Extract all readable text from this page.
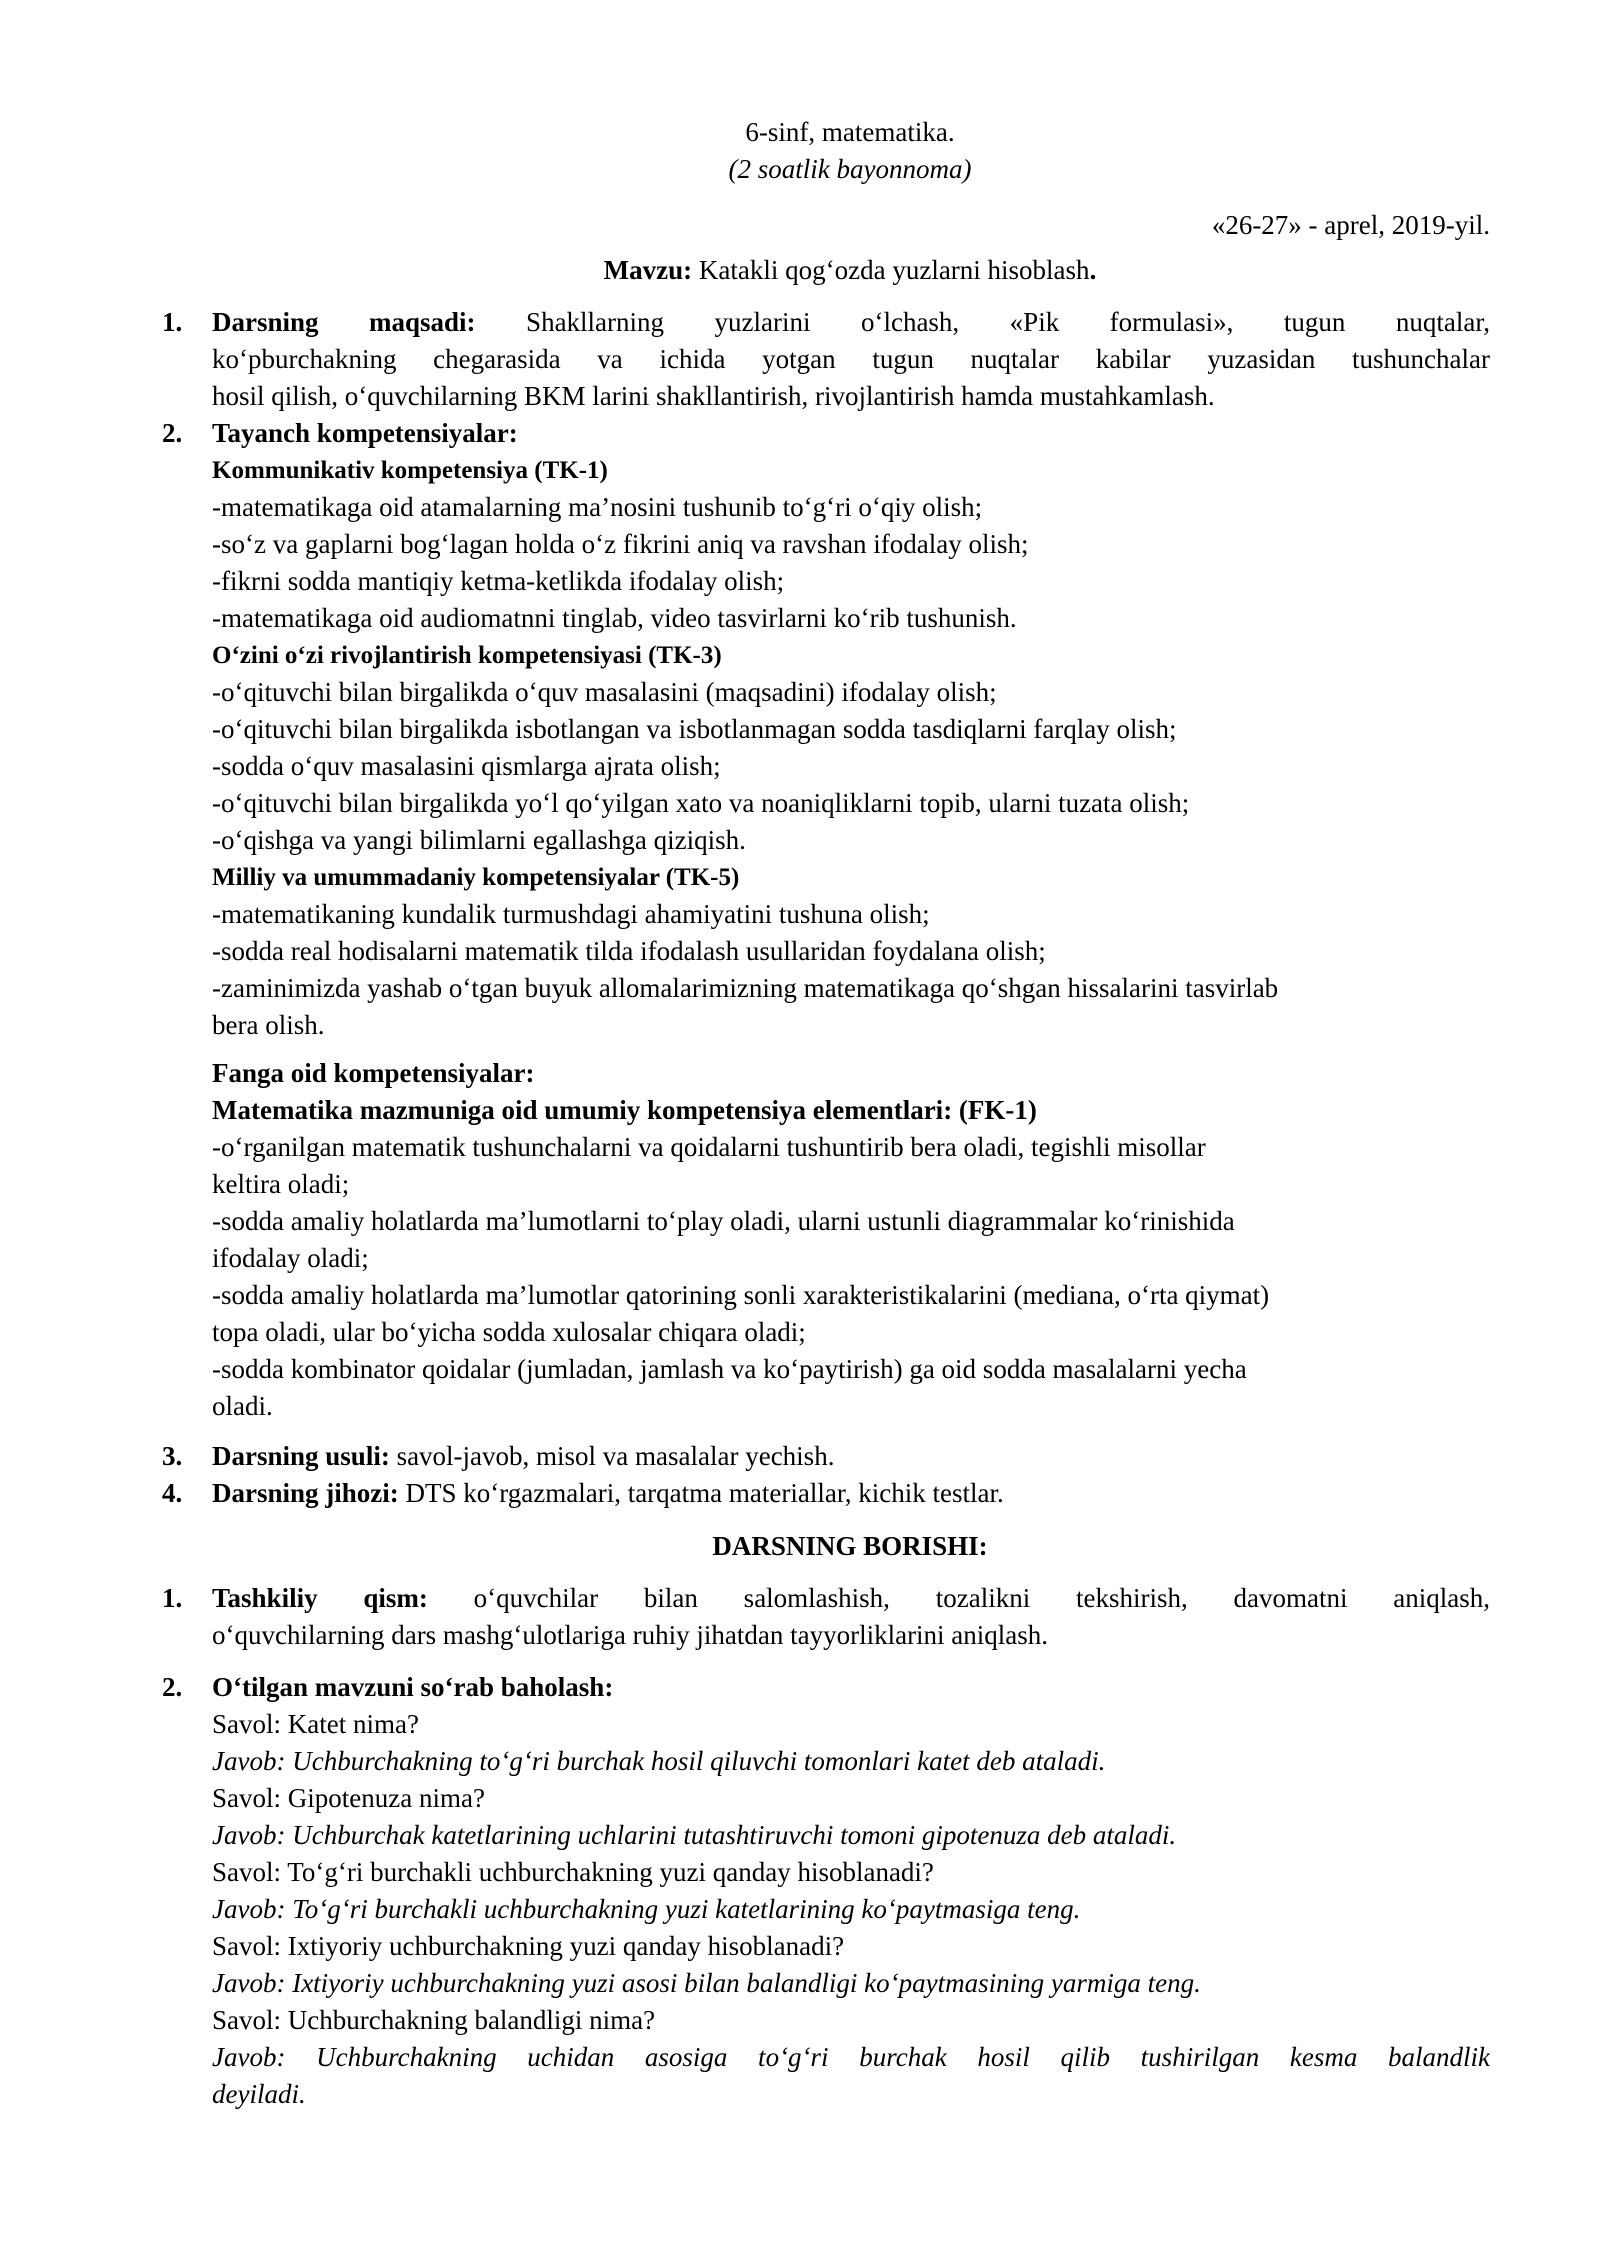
6-sinf, matematika.
(2 soatlik bayonnoma)
«26-27» - aprel, 2019-yil.
Mavzu: Katakli qog‘ozda yuzlarni hisoblash.
1. Darsning maqsadi: Shakllarning yuzlarini o‘lchash, «Pik formulasi», tugun nuqtalar,
ko‘pburchakning chegarasida va ichida yotgan tugun nuqtalar kabilar yuzasidan tushunchalar
hosil qilish, o‘quvchilarning BKM larini shakllantirish, rivojlantirish hamda mustahkamlash.
2. Tayanch kompetensiyalar:
Kommunikativ kompetensiya (TK-1)
-matematikaga oid atamalarning ma’nosini tushunib to‘g‘ri o‘qiy olish;
-so‘z va gaplarni bog‘lagan holda o‘z fikrini aniq va ravshan ifodalay olish;
-fikrni sodda mantiqiy ketma-ketlikda ifodalay olish;
-matematikaga oid audiomatnni tinglab, video tasvirlarni ko‘rib tushunish.
O‘zini o‘zi rivojlantirish kompetensiyasi (TK-3)
-o‘qituvchi bilan birgalikda o‘quv masalasini (maqsadini) ifodalay olish;
-o‘qituvchi bilan birgalikda isbotlangan va isbotlanmagan sodda tasdiqlarni farqlay olish;
-sodda o‘quv masalasini qismlarga ajrata olish;
-o‘qituvchi bilan birgalikda yo‘l qo‘yilgan xato va noaniqliklarni topib, ularni tuzata olish;
-o‘qishga va yangi bilimlarni egallashga qiziqish.
Milliy va umummadaniy kompetensiyalar (TK-5)
-matematikaning kundalik turmushdagi ahamiyatini tushuna olish;
-sodda real hodisalarni matematik tilda ifodalash usullaridan foydalana olish;
-zaminimizda yashab o‘tgan buyuk allomalarimizning matematikaga qo‘shgan hissalarini tasvirlab
bera olish.
Fanga oid kompetensiyalar:
Matematika mazmuniga oid umumiy kompetensiya elementlari: (FK-1)
-o‘rganilgan matematik tushunchalarni va qoidalarni tushuntirib bera oladi, tegishli misollar
keltira oladi;
-sodda amaliy holatlarda ma’lumotlarni to‘play oladi, ularni ustunli diagrammalar ko‘rinishida
ifodalay oladi;
-sodda amaliy holatlarda ma’lumotlar qatorining sonli xarakteristikalarini (mediana, o‘rta qiymat)
topa oladi, ular bo‘yicha sodda xulosalar chiqara oladi;
-sodda kombinator qoidalar (jumladan, jamlash va ko‘paytirish) ga oid sodda masalalarni yecha
oladi.
3. Darsning usuli: savol-javob, misol va masalalar yechish.
4. Darsning jihozi: DTS ko‘rgazmalari, tarqatma materiallar, kichik testlar.
DARSNING BORISHI:
1. Tashkiliy qism: o‘quvchilar bilan salomlashish, tozalikni tekshirish, davomatni aniqlash,
o‘quvchilarning dars mashg‘ulotlariga ruhiy jihatdan tayyorliklarini aniqlash.
2. O‘tilgan mavzuni so‘rab baholash:
Savol: Katet nima?
Javob: Uchburchakning to‘g‘ri burchak hosil qiluvchi tomonlari katet deb ataladi.
Savol: Gipotenuza nima?
Javob: Uchburchak katetlarining uchlarini tutashtiruvchi tomoni gipotenuza deb ataladi.
Savol: To‘g‘ri burchakli uchburchakning yuzi qanday hisoblanadi?
Javob: To‘g‘ri burchakli uchburchakning yuzi katetlarining ko‘paytmasiga teng.
Savol: Ixtiyoriy uchburchakning yuzi qanday hisoblanadi?
Javob: Ixtiyoriy uchburchakning yuzi asosi bilan balandligi ko‘paytmasining yarmiga teng.
Savol: Uchburchakning balandligi nima?
Javob: Uchburchakning uchidan asosiga to‘g‘ri burchak hosil qilib tushirilgan kesma balandlik
deyiladi.
